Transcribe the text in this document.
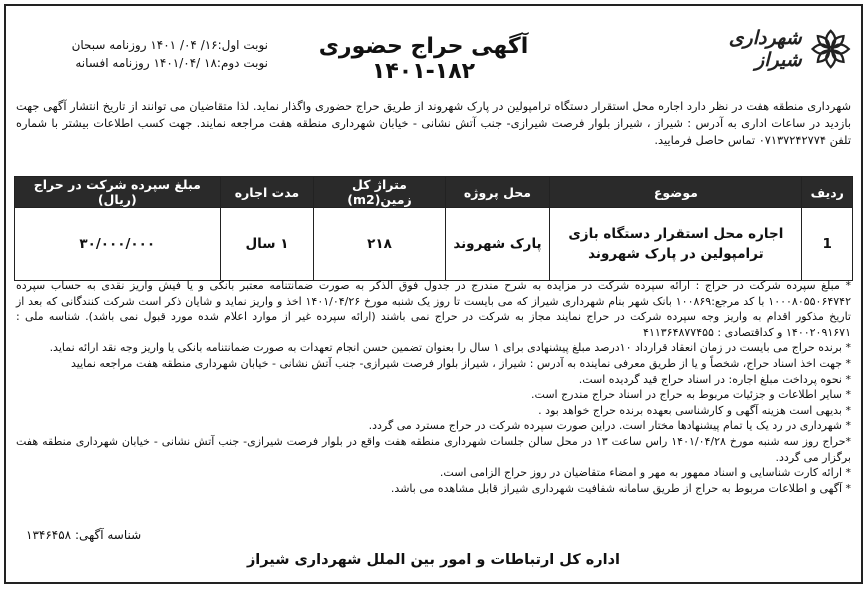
شهرداری شیراز
آگهی حراج حضوری ۱۸۲-۱۴۰۱
نوبت اول:۱۶/ ۰۴/ ۱۴۰۱ روزنامه سبحان
نوبت دوم:۱۸ /۱۴۰۱/۰۴ روزنامه افسانه
شهرداری منطقه هفت در نظر دارد اجاره محل استقرار دستگاه ترامپولین در پارک شهروند از طریق حراج حضوری واگذار نماید. لذا متقاضیان می توانند از تاریخ انتشار آگهی جهت بازدید در ساعات اداری به آدرس : شیراز ، شیراز بلوار فرصت شیرازی- جنب آتش نشانی - خیابان شهرداری منطقه هفت مراجعه نمایند. جهت کسب اطلاعات بیشتر با شماره تلفن ۰۷۱۳۷۲۴۲۷۷۴ تماس حاصل فرمایید.
ردیف	موضوع	محل پروژه	متراژ کل زمین(m2)	مدت اجاره	مبلغ سپرده شرکت در حراج (ریال)
1	اجاره محل استقرار دستگاه بازی ترامپولین در پارک شهروند	پارک شهروند	۲۱۸	۱ سال	۳۰/۰۰۰/۰۰۰

* مبلغ سپرده شرکت در حراج : ارائه سپرده شرکت در مزایده به شرح مندرج در جدول فوق الذکر به صورت ضمانتنامه معتبر بانکی و یا فیش واریز نقدی به حساب سپرده ۱۰۰۰۸۰۵۵۰۶۴۷۴۲ با کد مرجع:۱۰۰۸۶۹ بانک شهر بنام شهرداری شیراز که می بایست تا روز یک شنبه مورخ ۱۴۰۱/۰۴/۲۶ اخذ و واریز نماید و شایان ذکر است شرکت کنندگانی که بعد از تاریخ مذکور اقدام به واریز وجه سپرده شرکت در حراج نمایند مجاز به شرکت در حراج نمی باشند (ارائه سپرده غیر از موارد اعلام شده مورد قبول نمی باشد). شناسه ملی : ۱۴۰۰۲۰۹۱۶۷۱ و کداقتصادی : ۴۱۱۳۶۴۸۷۷۴۵۵

* برنده حراج می بایست در زمان انعقاد قرارداد ۱۰درصد مبلغ پیشنهادی برای ۱ سال را بعنوان تضمین حسن انجام تعهدات به صورت ضمانتنامه بانکی یا واریز وجه نقد ارائه نماید.

* جهت اخذ اسناد حراج، شخصاً و یا از طریق معرفی نماینده به آدرس : شیراز ، شیراز بلوار فرصت شیرازی- جنب آتش نشانی - خیابان شهرداری منطقه هفت مراجعه نمایید

* نحوه پرداخت مبلغ اجاره: در اسناد حراج قید گردیده است.

* سایر اطلاعات و جزئیات مربوط به حراج در اسناد حراج مندرج است.

* بدیهی است هزینه آگهی و کارشناسی بعهده برنده حراج خواهد بود .

* شهرداری در رد یک یا تمام پیشنهادها مختار است. دراین صورت سپرده شرکت در حراج مسترد می گردد.

*حراج روز سه شنبه مورخ ۱۴۰۱/۰۴/۲۸ راس ساعت ۱۳ در محل سالن جلسات شهرداری منطقه هفت واقع در بلوار فرصت شیرازی- جنب آتش نشانی - خیابان شهرداری منطقه هفت برگزار می گردد.

* ارائه کارت شناسایی و اسناد ممهور به مهر و امضاء متقاضیان در روز حراج الزامی است.

* آگهی و اطلاعات مربوط به حراج از طریق سامانه شفافیت شهرداری شیراز قابل مشاهده می باشد.

شناسه آگهی: ۱۳۴۶۴۵۸
اداره کل ارتباطات و امور بین الملل شهرداری شیراز
